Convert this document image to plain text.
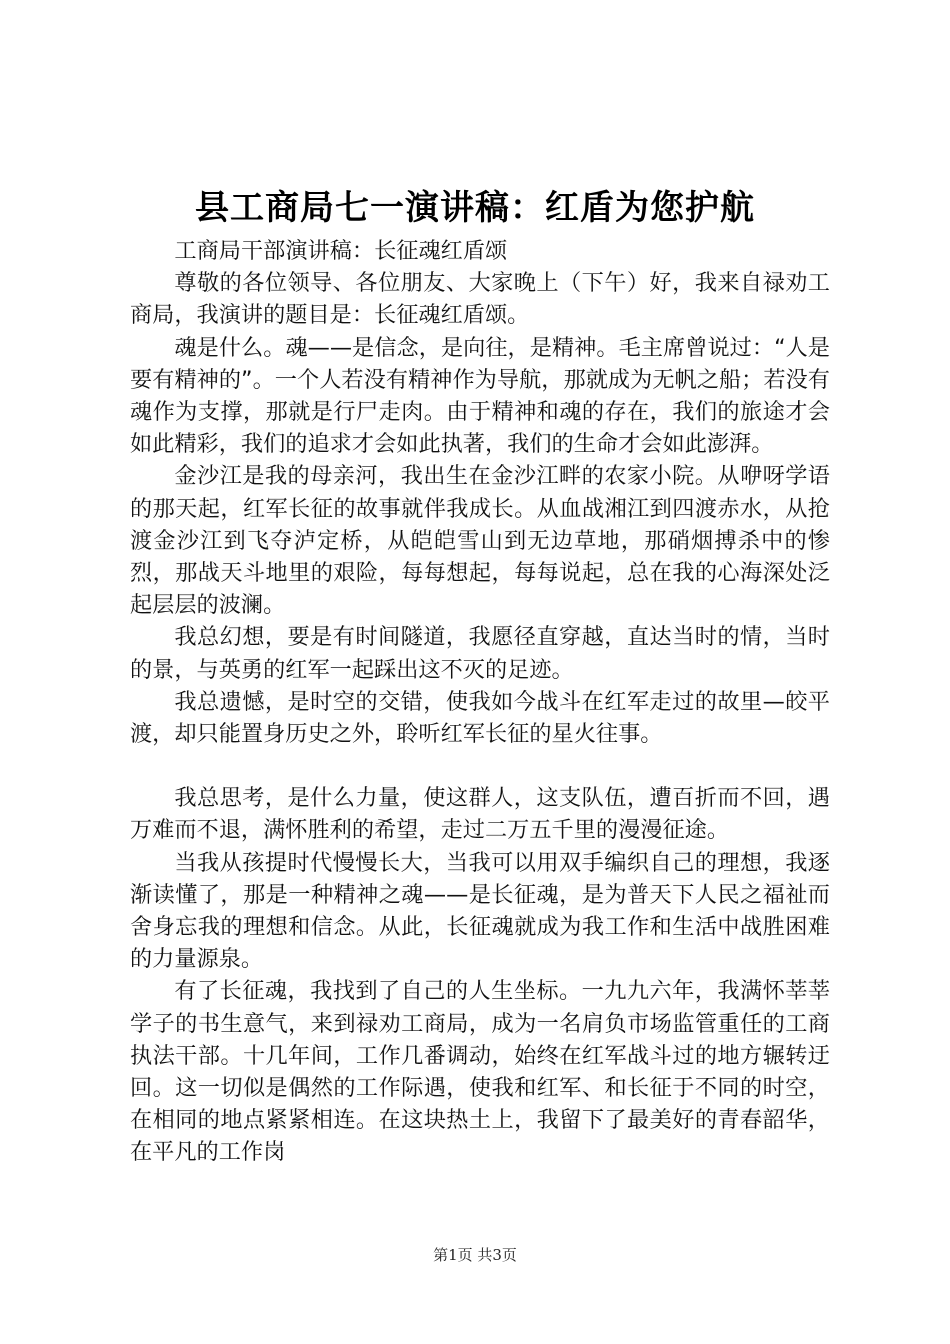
县工商局七一演讲稿：红盾为您护航

工商局干部演讲稿：长征魂红盾颂

尊敬的各位领导、各位朋友、大家晚上（下午）好，我来自禄劝工商局，我演讲的题目是：长征魂红盾颂。

魂是什么。魂——是信念，是向往，是精神。毛主席曾说过：“人是要有精神的”。一个人若没有精神作为导航，那就成为无帆之船；若没有魂作为支撑，那就是行尸走肉。由于精神和魂的存在，我们的旅途才会如此精彩，我们的追求才会如此执著，我们的生命才会如此澎湃。

金沙江是我的母亲河，我出生在金沙江畔的农家小院。从咿呀学语的那天起，红军长征的故事就伴我成长。从血战湘江到四渡赤水，从抢渡金沙江到飞夺泸定桥，从皑皑雪山到无边草地，那硝烟搏杀中的惨烈，那战天斗地里的艰险，每每想起，每每说起，总在我的心海深处泛起层层的波澜。

我总幻想，要是有时间隧道，我愿径直穿越，直达当时的情，当时的景，与英勇的红军一起踩出这不灭的足迹。

我总遗憾，是时空的交错，使我如今战斗在红军走过的故里—皎平渡，却只能置身历史之外，聆听红军长征的星火往事。

我总思考，是什么力量，使这群人，这支队伍，遭百折而不回，遇万难而不退，满怀胜利的希望，走过二万五千里的漫漫征途。

当我从孩提时代慢慢长大，当我可以用双手编织自己的理想，我逐渐读懂了，那是一种精神之魂——是长征魂，是为普天下人民之福祉而舍身忘我的理想和信念。从此，长征魂就成为我工作和生活中战胜困难的力量源泉。

有了长征魂，我找到了自己的人生坐标。一九九六年，我满怀莘莘学子的书生意气，来到禄劝工商局，成为一名肩负市场监管重任的工商执法干部。十几年间，工作几番调动，始终在红军战斗过的地方辗转迂回。这一切似是偶然的工作际遇，使我和红军、和长征于不同的时空，在相同的地点紧紧相连。在这块热土上，我留下了最美好的青春韶华，在平凡的工作岗

第1页 共3页
